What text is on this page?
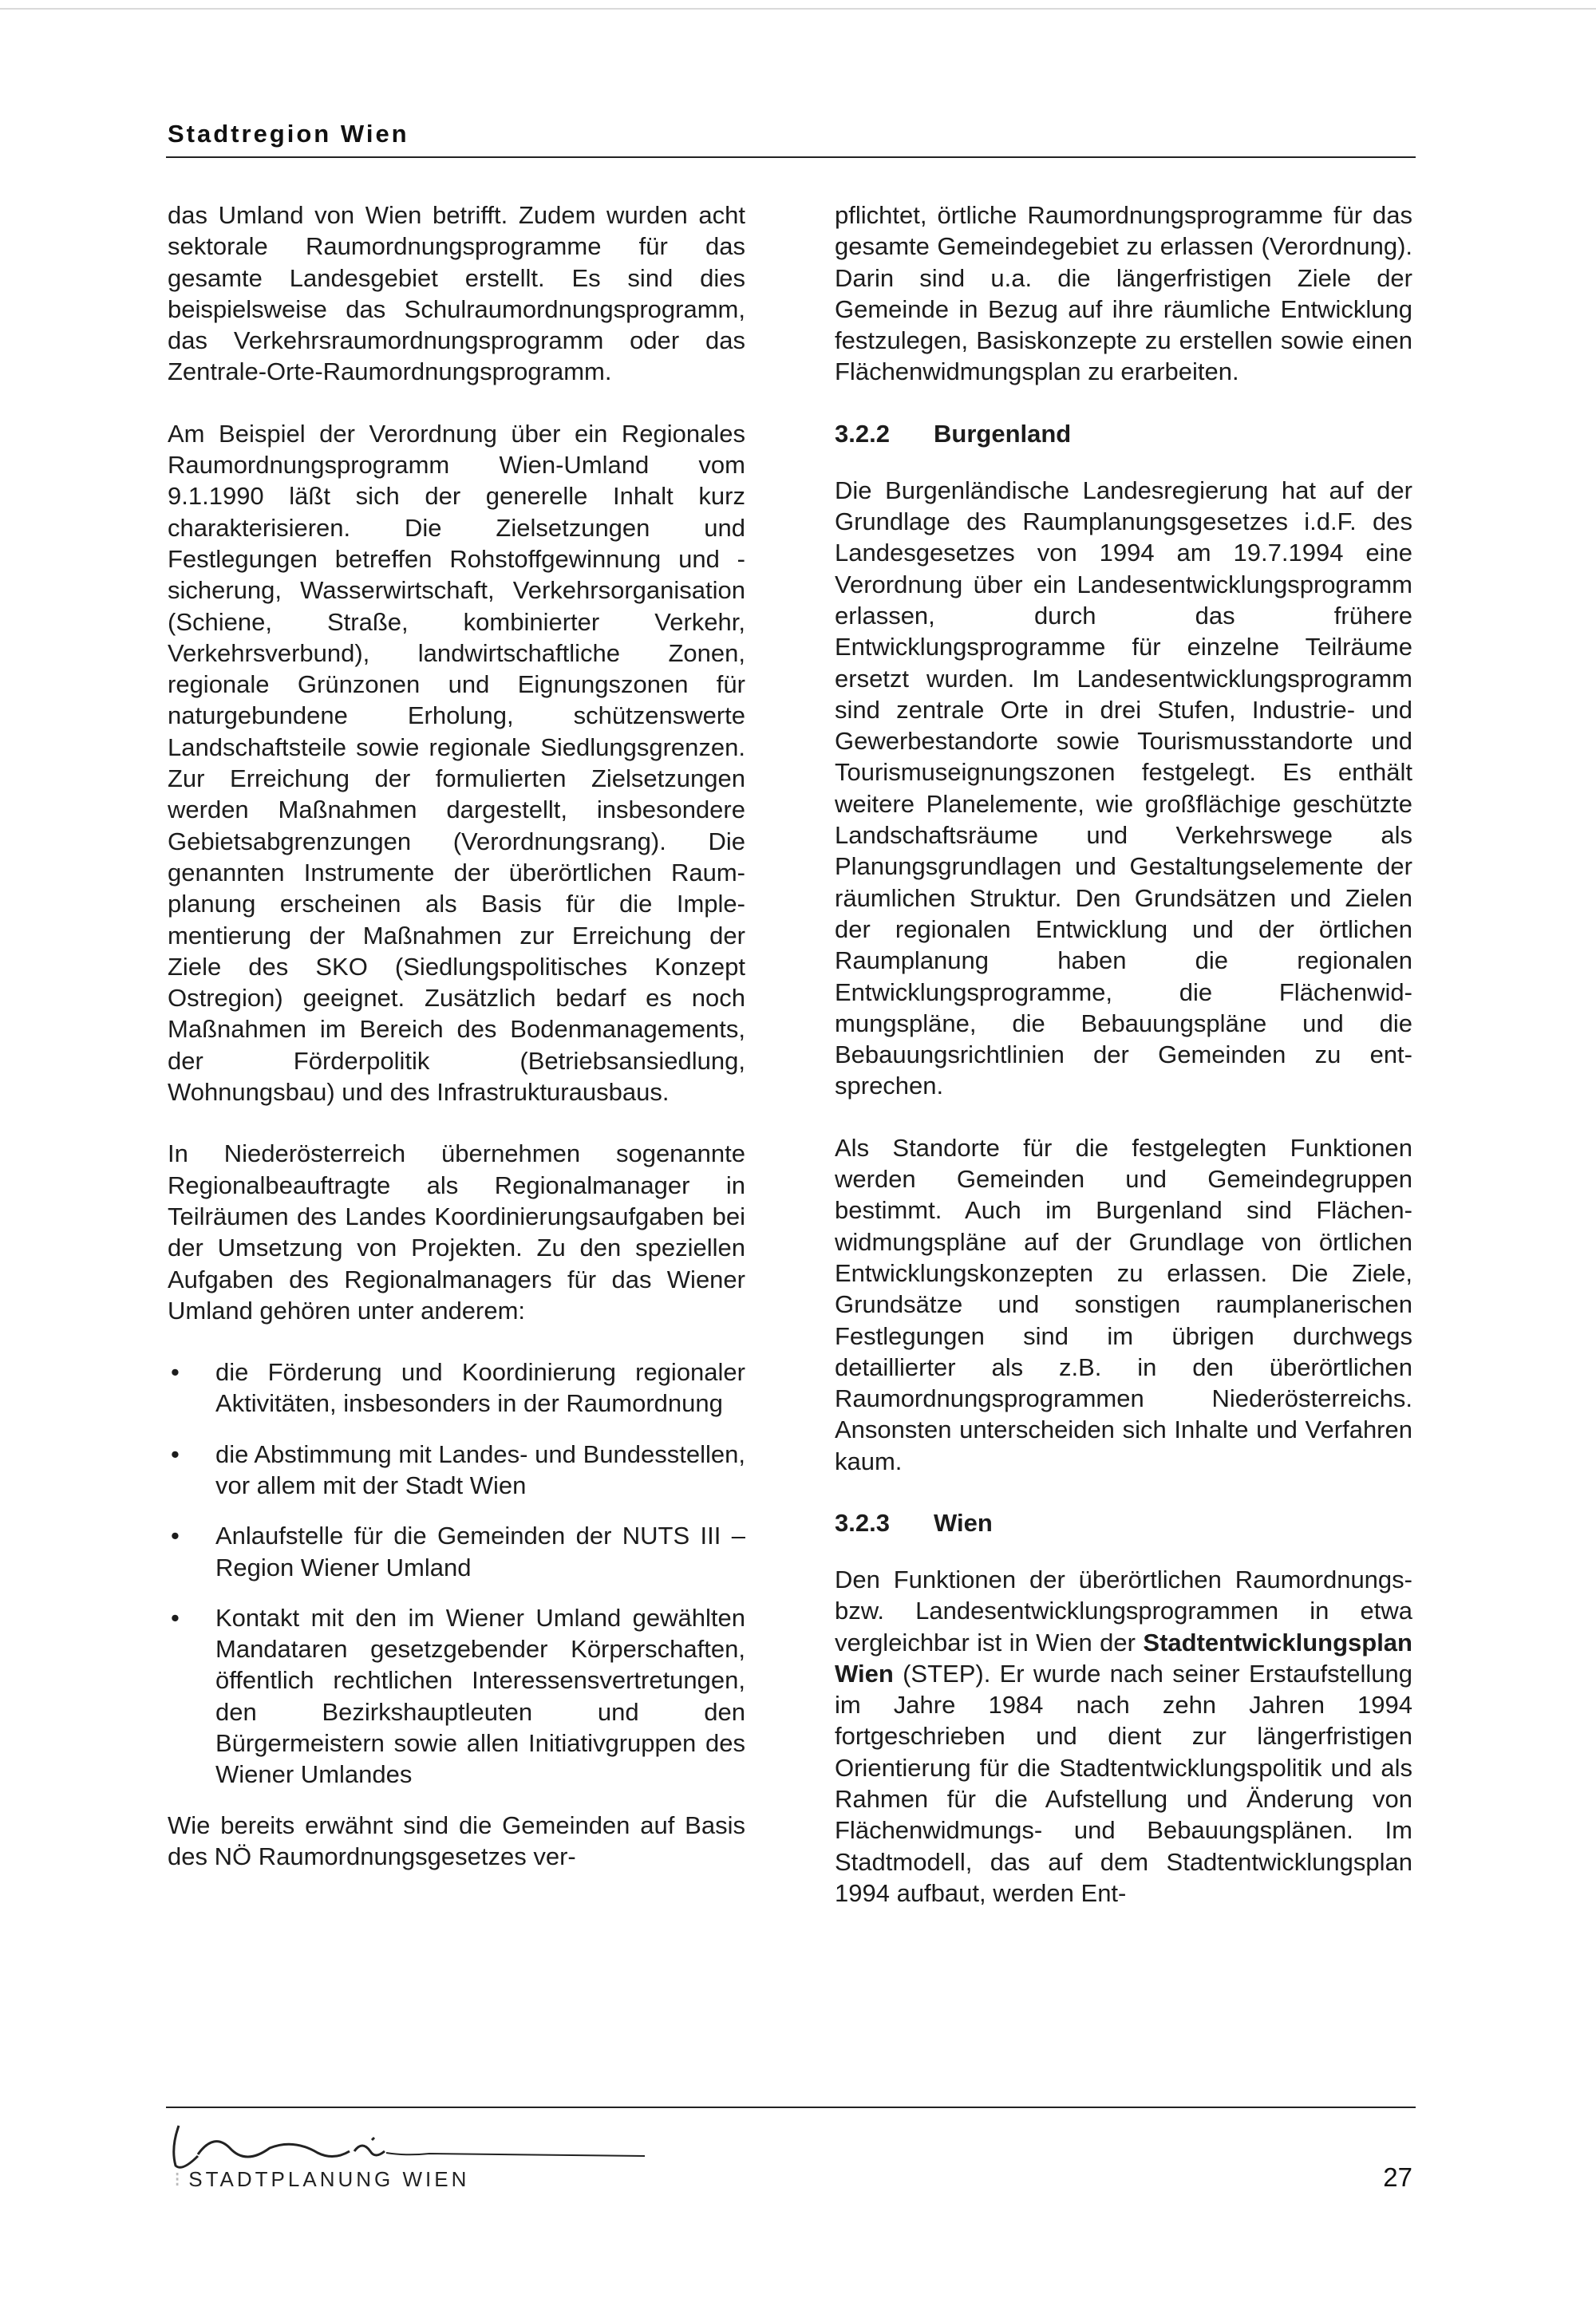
Stadtregion Wien

das Umland von Wien betrifft. Zudem wurden acht sektorale Raumordnungsprogramme für das gesamte Landesgebiet erstellt. Es sind dies beispielsweise das Schulraumordnungsprogramm, das Verkehrsraumordnungsprogramm oder das Zentrale-Orte-Raumordnungsprogramm.

Am Beispiel der Verordnung über ein Regionales Raumordnungsprogramm Wien-Umland vom 9.1.1990 läßt sich der generelle Inhalt kurz charakterisieren. Die Zielsetzungen und Festlegungen betreffen Rohstoffgewinnung und -sicherung, Wasserwirtschaft, Verkehrsorganisation (Schiene, Straße, kombinierter Verkehr, Verkehrsverbund), landwirtschaftliche Zonen, regionale Grünzonen und Eignungszonen für naturgebundene Erholung, schützenswerte Landschaftsteile sowie regionale Siedlungsgrenzen. Zur Erreichung der formulierten Zielsetzungen werden Maßnahmen dargestellt, insbesondere Gebietsabgrenzungen (Verordnungsrang). Die genannten Instrumente der überörtlichen Raumplanung erscheinen als Basis für die Implementierung der Maßnahmen zur Erreichung der Ziele des SKO (Siedlungspolitisches Konzept Ostregion) geeignet. Zusätzlich bedarf es noch Maßnahmen im Bereich des Bodenmanagements, der Förderpolitik (Betriebsansiedlung, Wohnungsbau) und des Infrastrukturausbaus.

In Niederösterreich übernehmen sogenannte Regionalbeauftragte als Regionalmanager in Teilräumen des Landes Koordinierungsaufgaben bei der Umsetzung von Projekten. Zu den speziellen Aufgaben des Regionalmanagers für das Wiener Umland gehören unter anderem:

• die Förderung und Koordinierung regionaler Aktivitäten, insbesonders in der Raumordnung
• die Abstimmung mit Landes- und Bundesstellen, vor allem mit der Stadt Wien
• Anlaufstelle für die Gemeinden der NUTS III – Region Wiener Umland
• Kontakt mit den im Wiener Umland gewählten Mandataren gesetzgebender Körperschaften, öffentlich rechtlichen Interessensvertretungen, den Bezirkshauptleuten und den Bürgermeistern sowie allen Initiativgruppen des Wiener Umlandes

Wie bereits erwähnt sind die Gemeinden auf Basis des NÖ Raumordnungsgesetzes ver-

pflichtet, örtliche Raumordnungsprogramme für das gesamte Gemeindegebiet zu erlassen (Verordnung). Darin sind u.a. die längerfristigen Ziele der Gemeinde in Bezug auf ihre räumliche Entwicklung festzulegen, Basiskonzepte zu erstellen sowie einen Flächenwidmungsplan zu erarbeiten.

3.2.2 Burgenland

Die Burgenländische Landesregierung hat auf der Grundlage des Raumplanungsgesetzes i.d.F. des Landesgesetzes von 1994 am 19.7.1994 eine Verordnung über ein Landesentwicklungsprogramm erlassen, durch das frühere Entwicklungsprogramme für einzelne Teilräume ersetzt wurden. Im Landesentwicklungsprogramm sind zentrale Orte in drei Stufen, Industrie- und Gewerbestandorte sowie Tourismusstandorte und Tourismuseignungszonen festgelegt. Es enthält weitere Planelemente, wie großflächige geschützte Landschaftsräume und Verkehrswege als Planungsgrundlagen und Gestaltungselemente der räumlichen Struktur. Den Grundsätzen und Zielen der regionalen Entwicklung und der örtlichen Raumplanung haben die regionalen Entwicklungsprogramme, die Flächenwidmungspläne, die Bebauungspläne und die Bebauungsrichtlinien der Gemeinden zu entsprechen.

Als Standorte für die festgelegten Funktionen werden Gemeinden und Gemeindegruppen bestimmt. Auch im Burgenland sind Flächenwidmungspläne auf der Grundlage von örtlichen Entwicklungskonzepten zu erlassen. Die Ziele, Grundsätze und sonstigen raumplanerischen Festlegungen sind im übrigen durchwegs detaillierter als z.B. in den überörtlichen Raumordnungsprogrammen Niederösterreichs. Ansonsten unterscheiden sich Inhalte und Verfahren kaum.

3.2.3 Wien

Den Funktionen der überörtlichen Raumordnungs- bzw. Landesentwicklungsprogrammen in etwa vergleichbar ist in Wien der Stadtentwicklungsplan Wien (STEP). Er wurde nach seiner Erstaufstellung im Jahre 1984 nach zehn Jahren 1994 fortgeschrieben und dient zur längerfristigen Orientierung für die Stadtentwicklungspolitik und als Rahmen für die Aufstellung und Änderung von Flächenwidmungs- und Bebauungsplänen. Im Stadtmodell, das auf dem Stadtentwicklungsplan 1994 aufbaut, werden Ent-

⁝ STADTPLANUNG WIEN	27
